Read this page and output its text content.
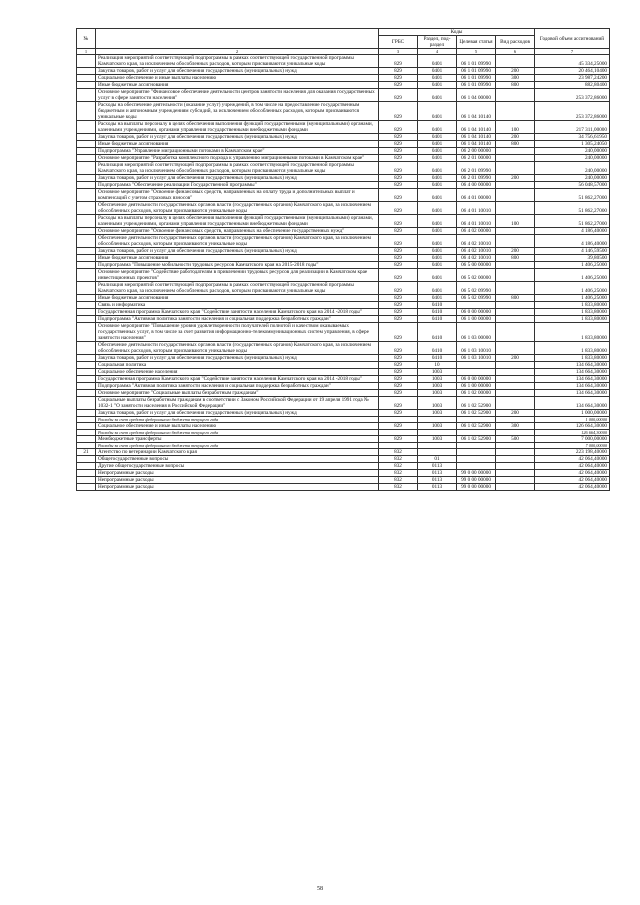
№		Коды				Годовой объем ассигнований
		ГРБС	Раздел, под-раздел	Целевая статья	Вид расходов	
1	2	3	4	5	6	7
	Реализация мероприятий соответствующей подпрограммы в рамках соответствующей государственной программы Камчатского края, за исключением обособленных расходов, которым присваиваются уникальные коды	829	0401	06 1 01 09990		45 334,25000
	Закупка товаров, работ и услуг для обеспечения государственных (муниципальных) нужд	829	0401	06 1 01 09990	200	20 464,10400
	Социальное обеспечение и иные выплаты населению	829	0401	06 1 01 09990	300	23 987,24200
	Иные бюджетные ассигнования	829	0401	06 1 01 09990	800	882,80400
	Основное мероприятие "Финансовое обеспечение деятельности центров занятости населения для оказания государственных услуг в сфере занятости населения"	829	0401	06 1 04 00000		253 372,86000
	Расходы на обеспечение деятельности (оказание услуг) учреждений, в том числе на предоставление государственным бюджетным и автономным учреждениям субсидий, за исключением обособленных расходов, которым присваиваются уникальные коды	829	0401	06 1 04 10140		253 372,86000
	Расходы на выплаты персоналу в целях обеспечения выполнения функций государственными (муниципальными) органами, казенными учреждениями, органами управления государственными внебюджетными фондами	829	0401	06 1 04 10140	100	217 311,00000
	Закупка товаров, работ и услуг для обеспечения государственных (муниципальных) нужд	829	0401	06 1 04 10140	200	34 756,61950
	Иные бюджетные ассигнования	829	0401	06 1 04 10140	800	1 305,24050
	Подпрограмма "Управление миграционными потоками в Камчатском крае"	829	0401	06 2 00 00000		240,00000
	Основное мероприятие "Разработка комплексного подхода к управлению миграционными потоками в Камчатском крае"	829	0401	06 2 01 00000		240,00000
	Реализация мероприятий соответствующей подпрограммы в рамках соответствующей государственной программы Камчатского края, за исключением обособленных расходов, которым присваиваются уникальные коды	829	0401	06 2 01 09990		240,00000
	Закупка товаров, работ и услуг для обеспечения государственных (муниципальных) нужд	829	0401	06 2 01 09990	200	240,00000
	Подпрограмма "Обеспечение реализации Государственной программы"	829	0401	06 4 00 00000		56 048,57000
	Основное мероприятие "Освоение финансовых средств, направленных на оплату труда и дополнительных выплат и компенсаций с учетом страховых взносов"	829	0401	06 4 01 00000		51 862,27000
	Обеспечение деятельности государственных органов власти (государственных органов) Камчатского края, за исключением обособленных расходов, которым присваиваются уникальные коды	829	0401	06 4 01 10010		51 862,27000
	Расходы на выплаты персоналу в целях обеспечения выполнения функций государственными (муниципальными) органами, казенными учреждениями, органами управления государственными внебюджетными фондами	829	0401	06 4 01 10010	100	51 862,27000
	Основное мероприятие "Освоение финансовых средств, направленных на обеспечение государственных нужд"	829	0401	06 4 02 00000		4 186,40000
	Обеспечение деятельности государственных органов власти (государственных органов) Камчатского края, за исключением обособленных расходов, которым присваиваются уникальные коды	829	0401	06 4 02 10010		4 186,40000
	Закупка товаров, работ и услуг для обеспечения государственных (муниципальных) нужд	829	0401	06 4 02 10010	200	4 146,59500
	Иные бюджетные ассигнования	829	0401	06 4 02 10010	800	39,80500
	Подпрограмма "Повышение мобильности трудовых ресурсов Камчатского края на 2015-2018 годы"	829	0401	06 5 00 00000		1 406,25000
	Основное мероприятие "Содействие работодателям в привлечении трудовых ресурсов для реализации в Камчатском крае инвестиционных проектов"	829	0401	06 5 02 00000		1 406,25000
	Реализация мероприятий соответствующей подпрограммы в рамках соответствующей государственной программы Камчатского края, за исключением обособленных расходов, которым присваиваются уникальные коды	829	0401	06 5 02 09990		1 406,25000
	Иные бюджетные ассигнования	829	0401	06 5 02 09990	800	1 406,25000
	Связь и информатика	829	0410			1 833,80000
	Государственная программа Камчатского края "Содействие занятости населения Камчатского края на 2014 -2018 годы"	829	0410	06 0 00 00000		1 833,80000
	Подпрограмма "Активная политика занятости населения и социальная поддержка безработных граждан"	829	0410	06 1 00 00000		1 833,80000
	Основное мероприятие "Повышение уровня удовлетворенности получателей полнотой и качеством оказываемых государственных услуг, в том числе за счет развития информационно-телекоммуникационных систем управления, в сфере занятости населения"	829	0410	06 1 03 00000		1 833,80000
	Обеспечение деятельности государственных органов власти (государственных органов) Камчатского края, за исключением обособленных расходов, которым присваиваются уникальные коды	829	0410	06 1 03 10010		1 833,80000
	Закупка товаров, работ и услуг для обеспечения государственных (муниципальных) нужд	829	0410	06 1 03 10010	200	1 833,80000
	Социальная политика	829	10			134 664,30000
	Социальное обеспечение населения	829	1003			134 664,30000
	Государственная программа Камчатского края "Содействие занятости населения Камчатского края на 2014 -2018 годы"	829	1003	06 0 00 00000		134 664,30000
	Подпрограмма "Активная политика занятости населения и социальная поддержка безработных граждан"	829	1003	06 1 00 00000		134 664,30000
	Основное мероприятие "Социальные выплаты безработным гражданам"	829	1003	06 1 02 00000		134 664,30000
	Социальные выплаты безработным гражданам в соответствии с Законом Российской Федерации от 19 апреля 1991 года № 1032-1 "О занятости населения в Российской Федерации"	829	1003	06 1 02 52900		134 664,30000
	Закупка товаров, работ и услуг для обеспечения государственных (муниципальных) нужд	829	1003	06 1 02 52900	200	1 000,00000
	Расходы за счет средств федерального бюджета текущего года					1 000,00000
	Социальное обеспечение и иные выплаты населению	829	1003	06 1 02 52900	300	126 664,30000
	Расходы за счет средств федерального бюджета текущего года					126 664,30000
	Межбюджетные трансферты	829	1003	06 1 02 52900	500	7 000,00000
	Расходы за счет средств федерального бюджета текущего года					7 000,00000
21	Агентство по ветеринарии Камчатского края	832				223 198,40000
	Общегосударственные вопросы	832	01			42 064,40000
	Другие общегосударственные вопросы	832	0113			42 064,40000
	Непрограммные расходы	832	0113	99 0 00 00000		42 064,40000
	Непрограммные расходы	832	0113	99 0 00 00000		42 064,40000
	Непрограммные расходы	832	0113	99 0 00 00000		42 064,40000
58
